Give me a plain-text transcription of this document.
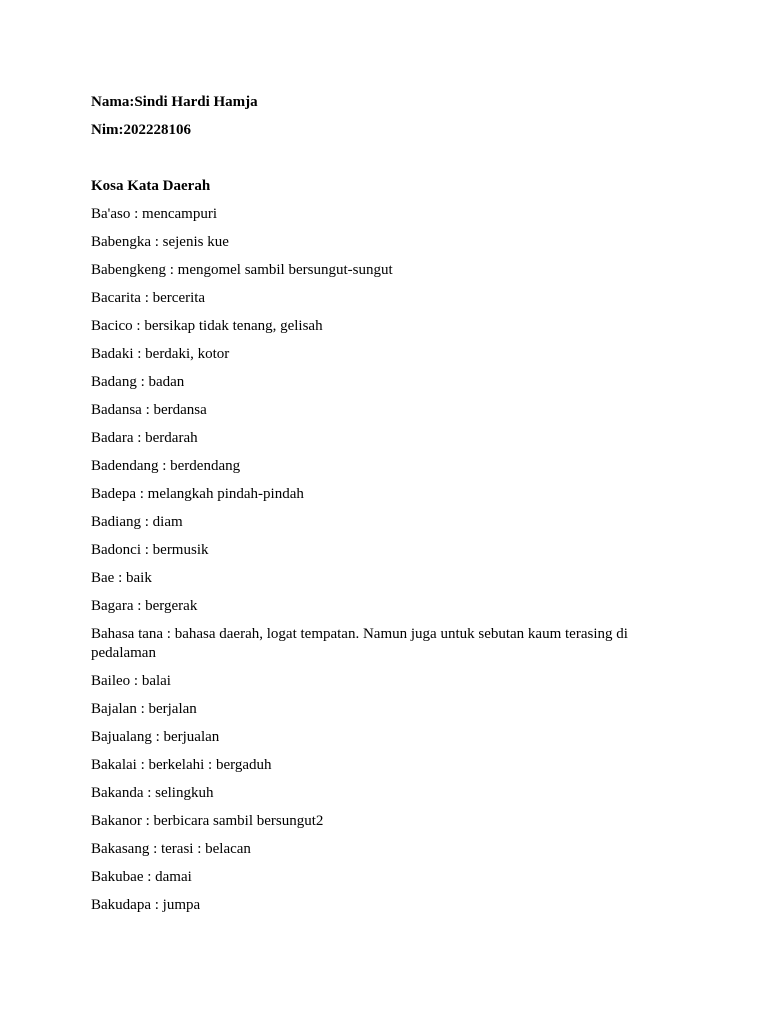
Nama:Sindi Hardi Hamja
Nim:202228106
Kosa Kata Daerah
Ba'aso : mencampuri
Babengka : sejenis kue
Babengkeng : mengomel sambil bersungut-sungut
Bacarita : bercerita
Bacico : bersikap tidak tenang, gelisah
Badaki : berdaki, kotor
Badang : badan
Badansa : berdansa
Badara : berdarah
Badendang : berdendang
Badepa : melangkah pindah-pindah
Badiang : diam
Badonci : bermusik
Bae : baik
Bagara : bergerak
Bahasa tana : bahasa daerah, logat tempatan. Namun juga untuk sebutan kaum terasing di pedalaman
Baileo : balai
Bajalan : berjalan
Bajualang : berjualan
Bakalai : berkelahi : bergaduh
Bakanda : selingkuh
Bakanor : berbicara sambil bersungut2
Bakasang : terasi : belacan
Bakubae : damai
Bakudapa : jumpa
